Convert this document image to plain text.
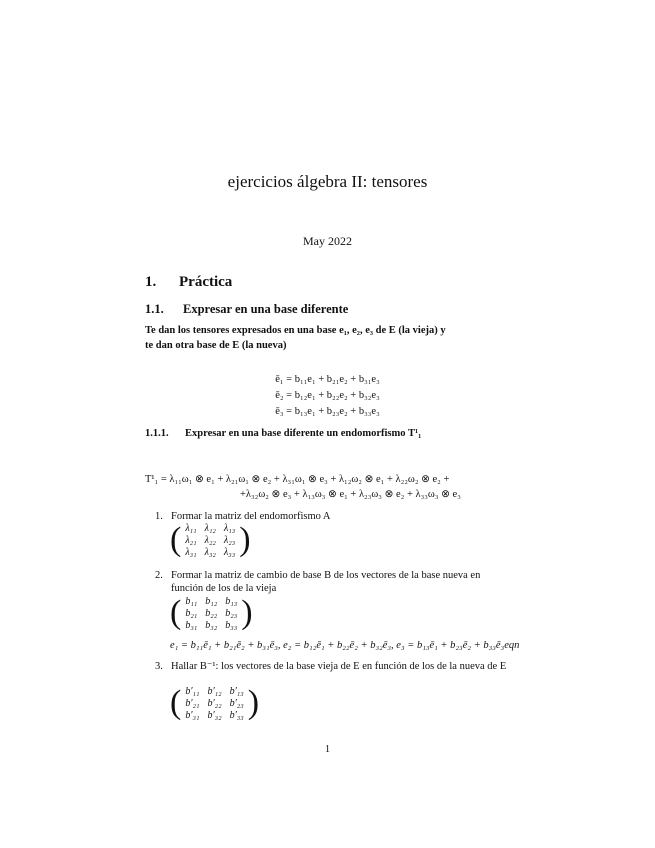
ejercicios álgebra II: tensores
May 2022
1. Práctica
1.1. Expresar en una base diferente
Te dan los tensores expresados en una base e₁, e₂, e₃ de E (la vieja) y
te dan otra base de E (la nueva)
ē₁ = b₁₁e₁ + b₂₁e₂ + b₃₁e₃
ē₂ = b₁₂e₁ + b₂₂e₂ + b₃₂e₃
ē₃ = b₁₃e₁ + b₂₃e₂ + b₃₃e₃
1.1.1. Expresar en una base diferente un endomorfismo T¹₁
T¹₁ = λ₁₁ω₁ ⊗ e₁ + λ₂₁ω₁ ⊗ e₂ + λ₃₁ω₁ ⊗ e₃ + λ₁₂ω₂ ⊗ e₁ + λ₂₂ω₂ ⊗ e₂ +
+λ₃₂ω₂ ⊗ e₃ + λ₁₃ω₃ ⊗ e₁ + λ₂₃ω₃ ⊗ e₂ + λ₃₃ω₃ ⊗ e₃
1. Formar la matriz del endomorfismo A
(	λ₁₁	λ₁₂	λ₁₃	)
	λ₂₁	λ₂₂	λ₂₃	
	λ₃₁	λ₃₂	λ₃₃	
2. Formar la matriz de cambio de base B de los vectores de la base nueva en función de los de la vieja
(	b₁₁	b₁₂	b₁₃	)
	b₂₁	b₂₂	b₂₃	
	b₃₁	b₃₂	b₃₃	
e₁ = b₁₁ē₁ + b₂₁ē₂ + b₃₁ē₃, e₂ = b₁₂ē₁ + b₂₂ē₂ + b₃₂ē₃, e₃ = b₁₃ē₁ + b₂₃ē₂ + b₃₃ē₃eqn
3. Hallar B⁻¹: los vectores de la base vieja de E en función de los de la nueva de E
(	b′₁₁	b′₁₂	b′₁₃	)
	b′₂₁	b′₂₂	b′₂₃	
	b′₃₁	b′₃₂	b′₃₃	
1
